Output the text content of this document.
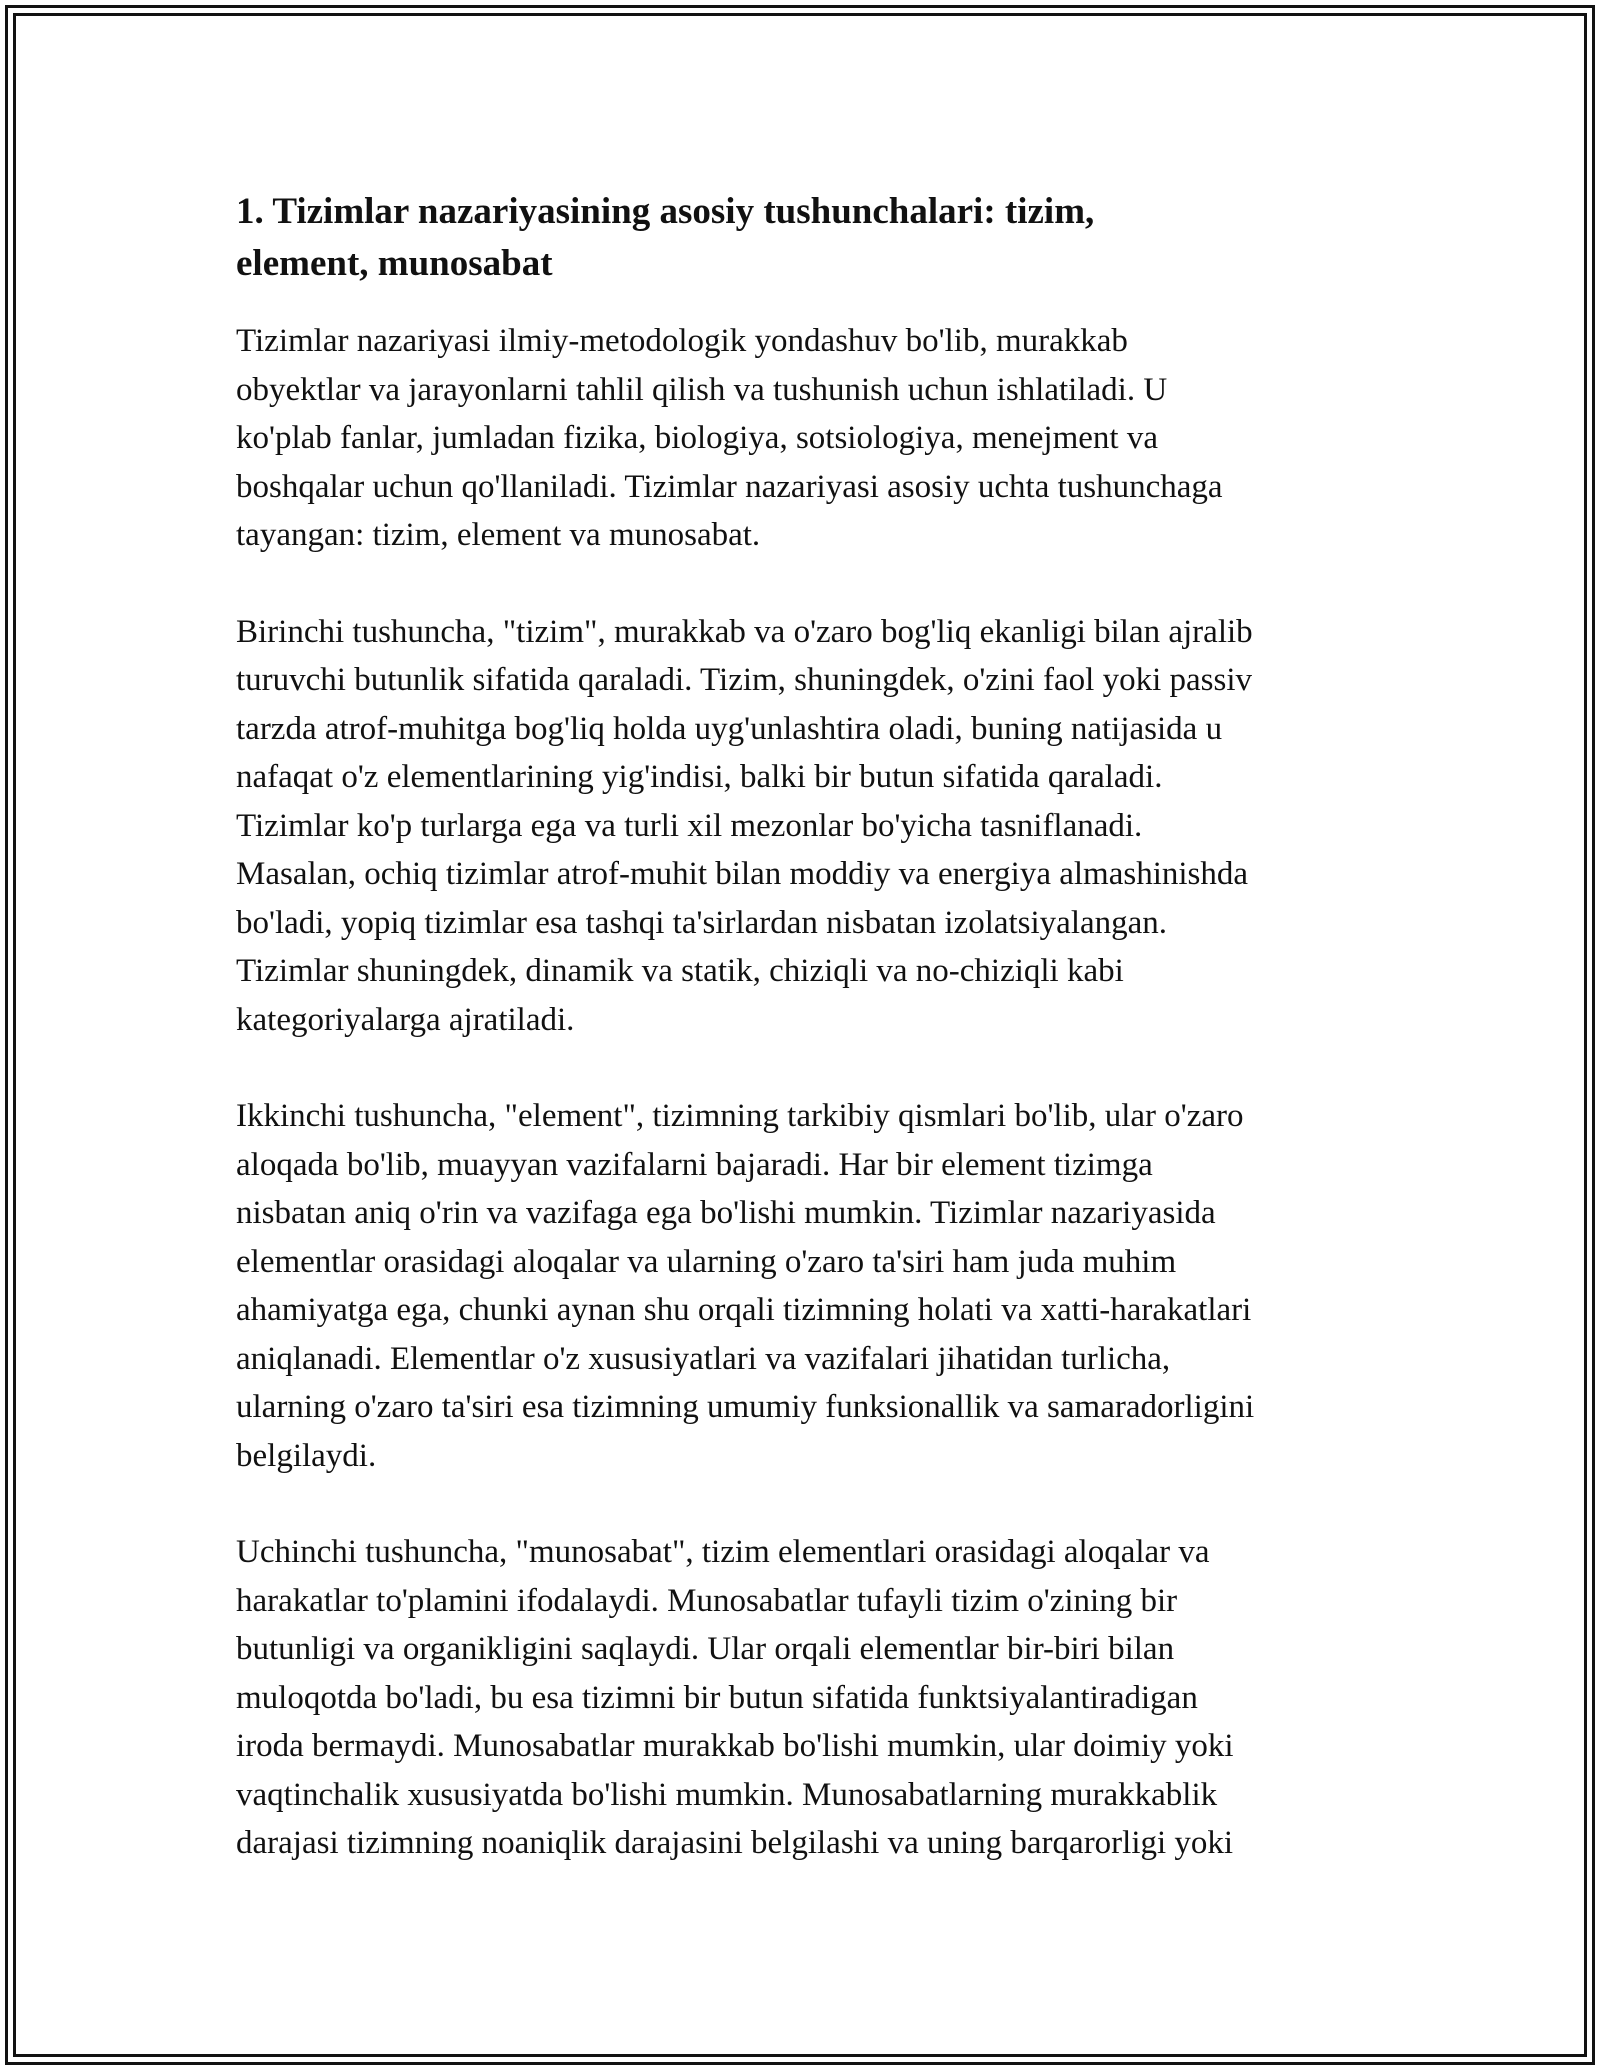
1. Tizimlar nazariyasining asosiy tushunchalari: tizim,
element, munosabat

Tizimlar nazariyasi ilmiy-metodologik yondashuv bo'lib, murakkab
obyektlar va jarayonlarni tahlil qilish va tushunish uchun ishlatiladi. U
ko'plab fanlar, jumladan fizika, biologiya, sotsiologiya, menejment va
boshqalar uchun qo'llaniladi. Tizimlar nazariyasi asosiy uchta tushunchaga
tayangan: tizim, element va munosabat.

Birinchi tushuncha, "tizim", murakkab va o'zaro bog'liq ekanligi bilan ajralib
turuvchi butunlik sifatida qaraladi. Tizim, shuningdek, o'zini faol yoki passiv
tarzda atrof-muhitga bog'liq holda uyg'unlashtira oladi, buning natijasida u
nafaqat o'z elementlarining yig'indisi, balki bir butun sifatida qaraladi.
Tizimlar ko'p turlarga ega va turli xil mezonlar bo'yicha tasniflanadi.
Masalan, ochiq tizimlar atrof-muhit bilan moddiy va energiya almashinishda
bo'ladi, yopiq tizimlar esa tashqi ta'sirlardan nisbatan izolatsiyalangan.
Tizimlar shuningdek, dinamik va statik, chiziqli va no-chiziqli kabi
kategoriyalarga ajratiladi.

Ikkinchi tushuncha, "element", tizimning tarkibiy qismlari bo'lib, ular o'zaro
aloqada bo'lib, muayyan vazifalarni bajaradi. Har bir element tizimga
nisbatan aniq o'rin va vazifaga ega bo'lishi mumkin. Tizimlar nazariyasida
elementlar orasidagi aloqalar va ularning o'zaro ta'siri ham juda muhim
ahamiyatga ega, chunki aynan shu orqali tizimning holati va xatti-harakatlari
aniqlanadi. Elementlar o'z xususiyatlari va vazifalari jihatidan turlicha,
ularning o'zaro ta'siri esa tizimning umumiy funksionallik va samaradorligini
belgilaydi.

Uchinchi tushuncha, "munosabat", tizim elementlari orasidagi aloqalar va
harakatlar to'plamini ifodalaydi. Munosabatlar tufayli tizim o'zining bir
butunligi va organikligini saqlaydi. Ular orqali elementlar bir-biri bilan
muloqotda bo'ladi, bu esa tizimni bir butun sifatida funktsiyalantiradigan
iroda bermaydi. Munosabatlar murakkab bo'lishi mumkin, ular doimiy yoki
vaqtinchalik xususiyatda bo'lishi mumkin. Munosabatlarning murakkablik
darajasi tizimning noaniqlik darajasini belgilashi va uning barqarorligi yoki
